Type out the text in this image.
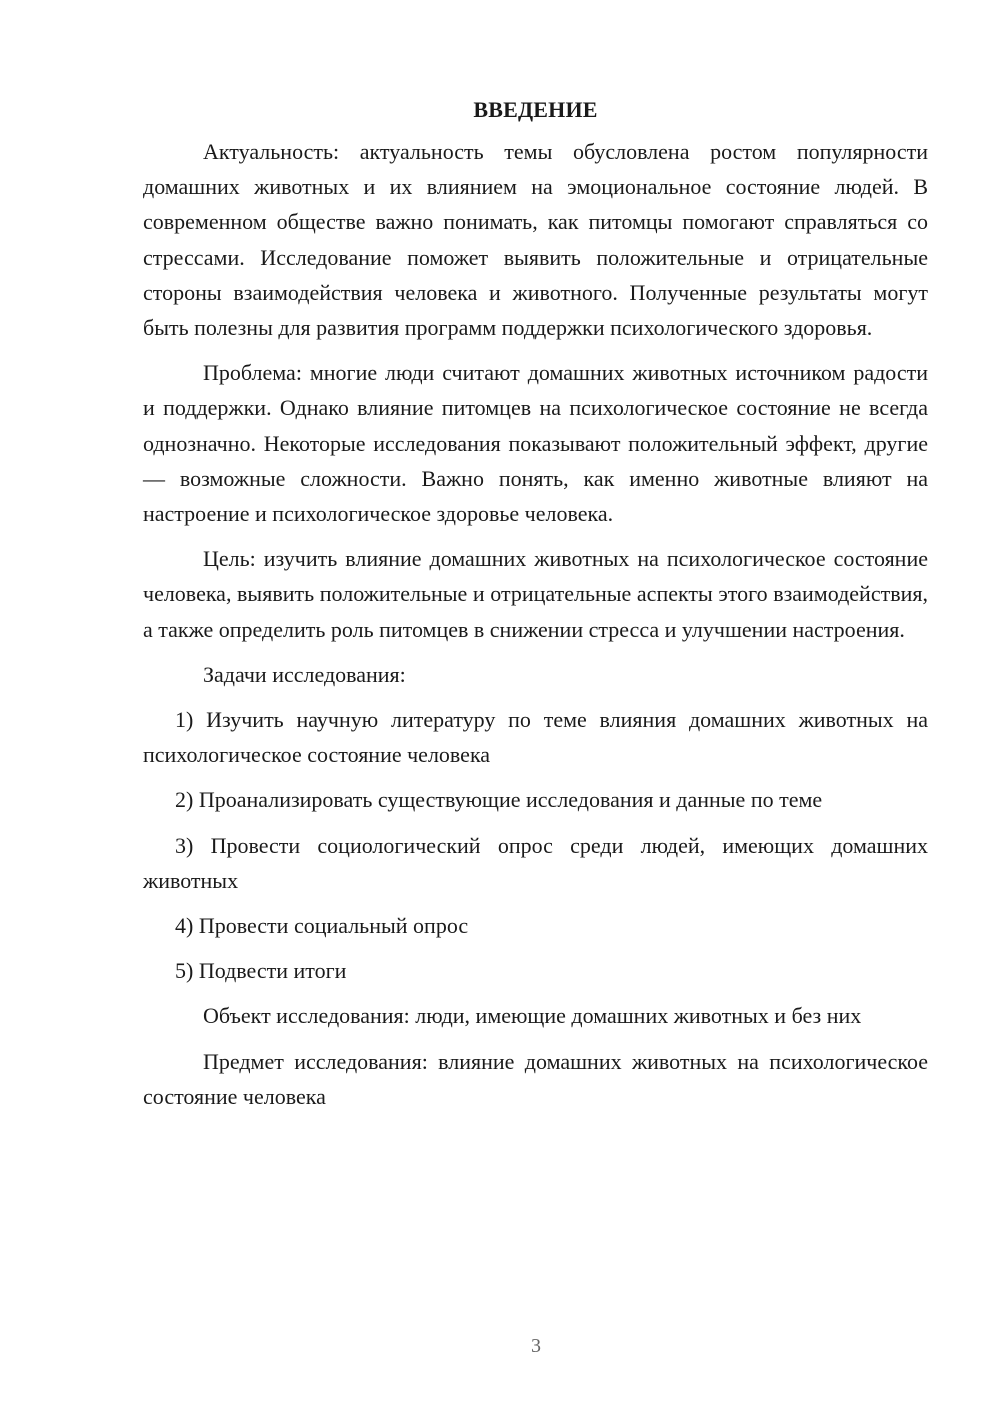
ВВЕДЕНИЕ

Актуальность: актуальность темы обусловлена ростом популярности домашних животных и их влиянием на эмоциональное состояние людей. В современном обществе важно понимать, как питомцы помогают справляться со стрессами. Исследование поможет выявить положительные и отрицательные стороны взаимодействия человека и животного. Полученные результаты могут быть полезны для развития программ поддержки психологического здоровья.

Проблема: многие люди считают домашних животных источником радости и поддержки. Однако влияние питомцев на психологическое состояние не всегда однозначно. Некоторые исследования показывают положительный эффект, другие — возможные сложности. Важно понять, как именно животные влияют на настроение и психологическое здоровье человека.

Цель: изучить влияние домашних животных на психологическое состояние человека, выявить положительные и отрицательные аспекты этого взаимодействия, а также определить роль питомцев в снижении стресса и улучшении настроения.

Задачи исследования:

1) Изучить научную литературу по теме влияния домашних животных на психологическое состояние человека

2) Проанализировать существующие исследования и данные по теме

3) Провести социологический опрос среди людей, имеющих домашних животных

4) Провести социальный опрос

5) Подвести итоги

Объект исследования: люди, имеющие домашних животных и без них

Предмет исследования: влияние домашних животных на психологическое состояние человека

3
